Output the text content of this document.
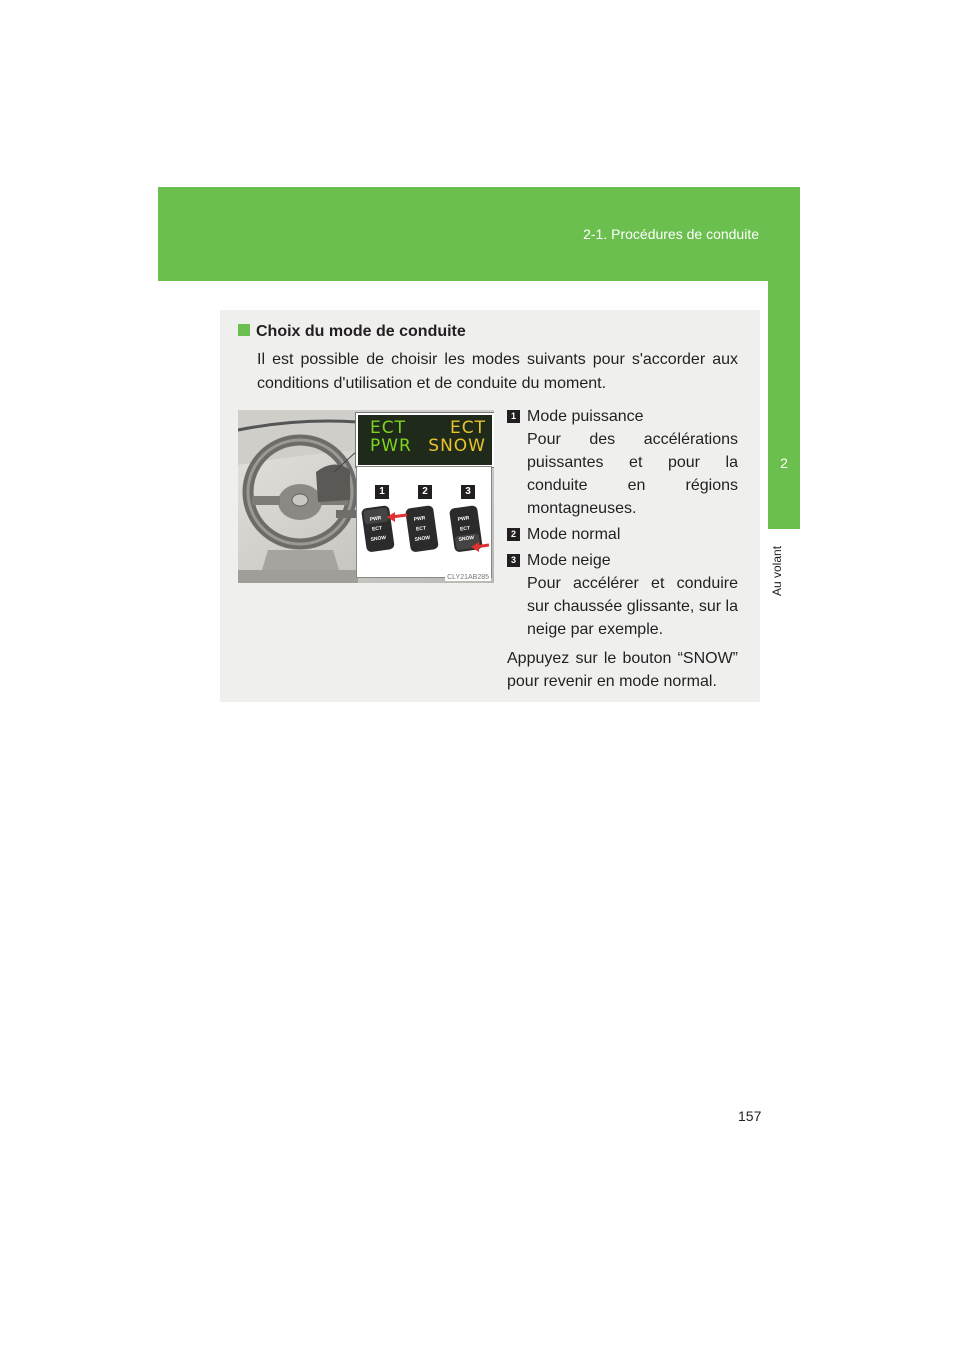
2-1. Procédures de conduite
2
Au volant
Choix du mode de conduite
Il est possible de choisir les modes suivants pour s'accorder aux conditions d'utilisation et de conduite du moment.
ECT
PWR
ECT
SNOW
1	2	3
PWR
ECT
SNOW
PWR
ECT
SNOW
PWR
ECT
SNOW
CLY21AB285
1 Mode puissance
Pour des accélérations puissantes et pour la conduite en régions montagneuses.
2 Mode normal
3 Mode neige
Pour accélérer et conduire sur chaussée glissante, sur la neige par exemple.
Appuyez sur le bouton “SNOW” pour revenir en mode normal.
157
